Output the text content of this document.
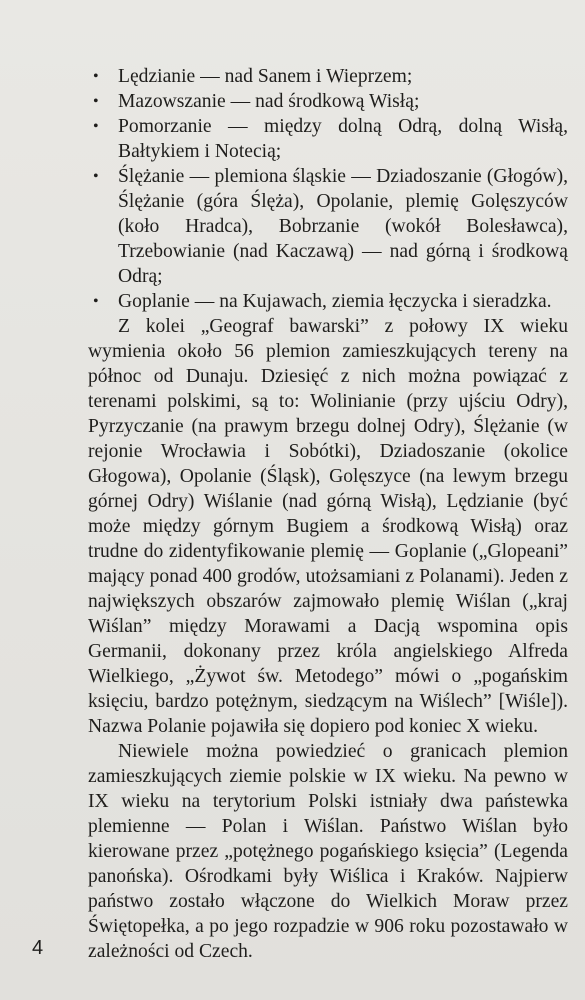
• Lędzianie — nad Sanem i Wieprzem;
• Mazowszanie — nad środkową Wisłą;
• Pomorzanie — między dolną Odrą, dolną Wisłą, Bałtykiem i Notecią;
• Ślężanie — plemiona śląskie — Dziadoszanie (Głogów), Ślężanie (góra Ślęża), Opolanie, plemię Golęszyców (koło Hradca), Bobrzanie (wokół Bolesławca), Trzebowianie (nad Kaczawą) — nad górną i środkową Odrą;
• Goplanie — na Kujawach, ziemia łęczycka i sieradzka.

Z kolei „Geograf bawarski” z połowy IX wieku wymienia około 56 plemion zamieszkujących tereny na północ od Dunaju. Dziesięć z nich można powiązać z terenami polskimi, są to: Wolinianie (przy ujściu Odry), Pyrzyczanie (na prawym brzegu dolnej Odry), Ślężanie (w rejonie Wrocławia i Sobótki), Dziadoszanie (okolice Głogowa), Opolanie (Śląsk), Golęszyce (na lewym brzegu górnej Odry) Wiślanie (nad górną Wisłą), Lędzianie (być może między górnym Bugiem a środkową Wisłą) oraz trudne do zidentyfikowanie plemię — Goplanie („Glopeani” mający ponad 400 grodów, utożsamiani z Polanami). Jeden z największych obszarów zajmowało plemię Wiślan („kraj Wiślan” między Morawami a Dacją wspomina opis Germanii, dokonany przez króla angielskiego Alfreda Wielkiego, „Żywot św. Metodego” mówi o „pogańskim księciu, bardzo potężnym, siedzącym na Wiślech” [Wiśle]). Nazwa Polanie pojawiła się dopiero pod koniec X wieku.

Niewiele można powiedzieć o granicach plemion zamieszkujących ziemie polskie w IX wieku. Na pewno w IX wieku na terytorium Polski istniały dwa państewka plemienne — Polan i Wiślan. Państwo Wiślan było kierowane przez „potężnego pogańskiego księcia” (Legenda panońska). Ośrodkami były Wiślica i Kraków. Najpierw państwo zostało włączone do Wielkich Moraw przez Świętopełka, a po jego rozpadzie w 906 roku pozostawało w zależności od Czech.

4
